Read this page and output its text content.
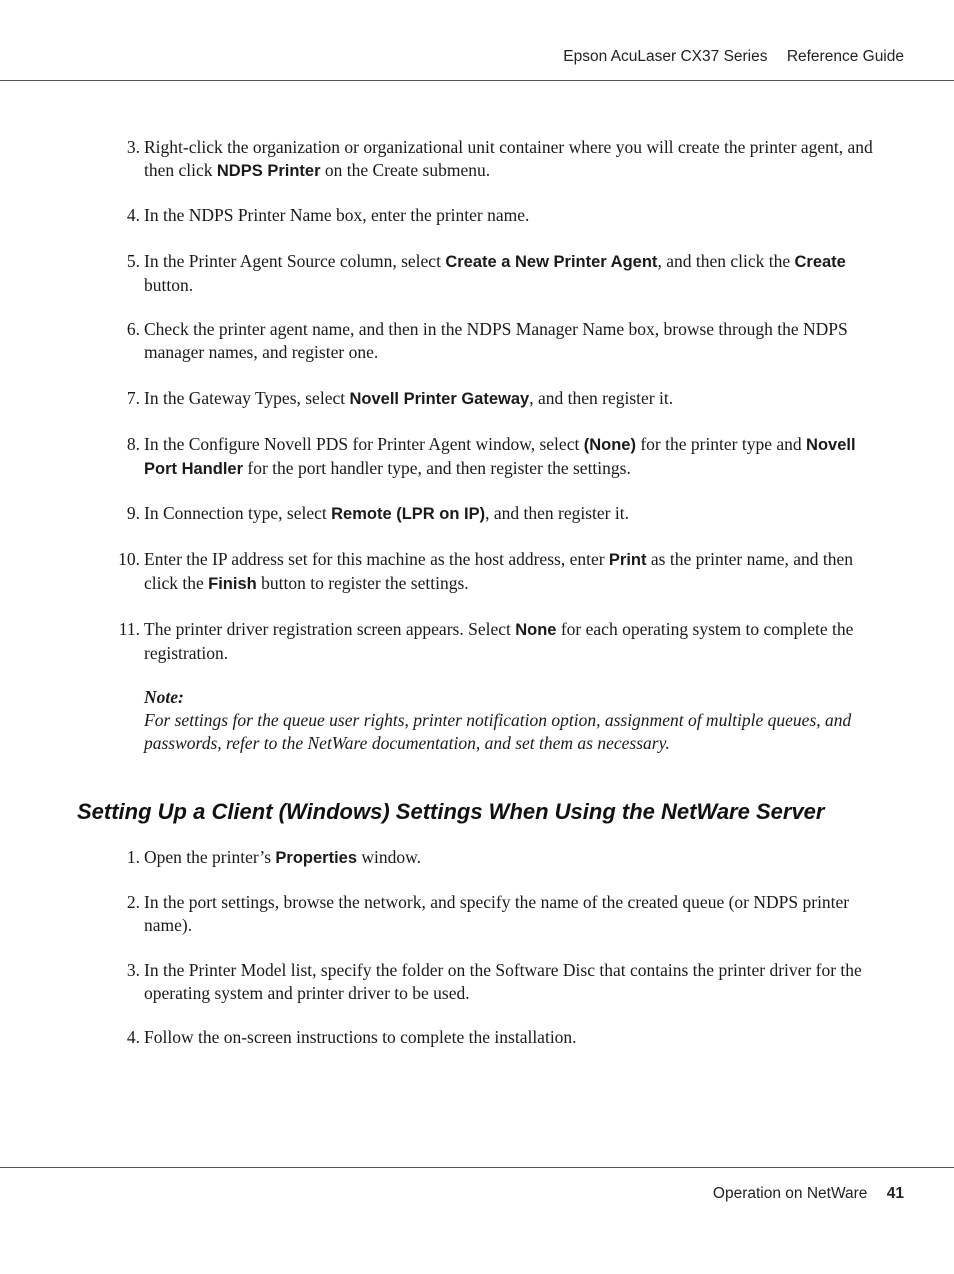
Epson AcuLaser CX37 Series Reference Guide
3. Right-click the organization or organizational unit container where you will create the printer agent, and then click NDPS Printer on the Create submenu.
4. In the NDPS Printer Name box, enter the printer name.
5. In the Printer Agent Source column, select Create a New Printer Agent, and then click the Create button.
6. Check the printer agent name, and then in the NDPS Manager Name box, browse through the NDPS manager names, and register one.
7. In the Gateway Types, select Novell Printer Gateway, and then register it.
8. In the Configure Novell PDS for Printer Agent window, select (None) for the printer type and Novell Port Handler for the port handler type, and then register the settings.
9. In Connection type, select Remote (LPR on IP), and then register it.
10. Enter the IP address set for this machine as the host address, enter Print as the printer name, and then click the Finish button to register the settings.
11. The printer driver registration screen appears. Select None for each operating system to complete the registration.
Note:
For settings for the queue user rights, printer notification option, assignment of multiple queues, and passwords, refer to the NetWare documentation, and set them as necessary.
Setting Up a Client (Windows) Settings When Using the NetWare Server
1. Open the printer’s Properties window.
2. In the port settings, browse the network, and specify the name of the created queue (or NDPS printer name).
3. In the Printer Model list, specify the folder on the Software Disc that contains the printer driver for the operating system and printer driver to be used.
4. Follow the on-screen instructions to complete the installation.
Operation on NetWare 41
